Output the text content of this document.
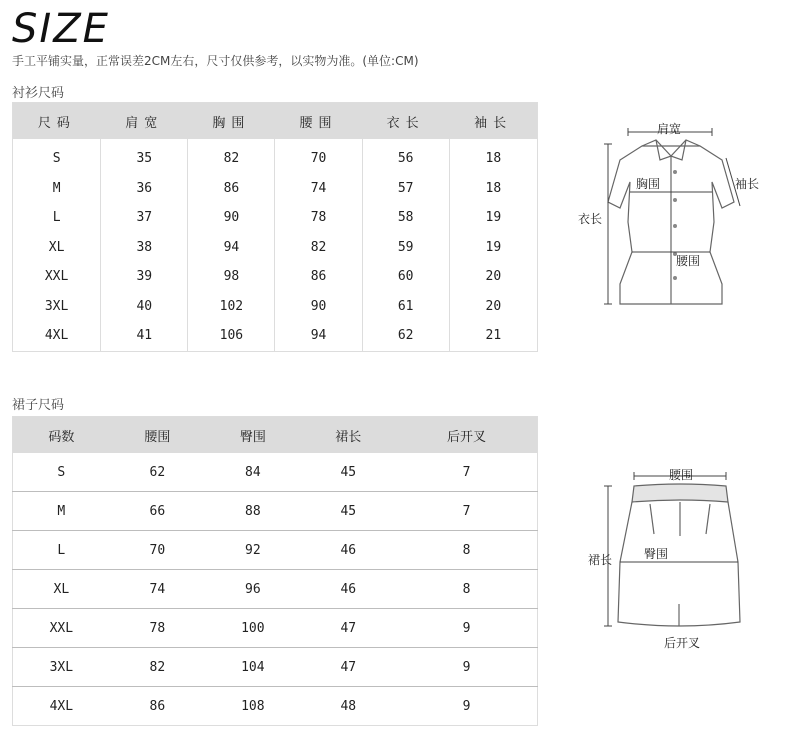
SIZE
手工平铺实量，正常误差2CM左右，尺寸仅供参考，以实物为准。(单位:CM)
衬衫尺码
尺码	肩宽	胸围	腰围	衣长	袖长
S	35	82	70	56	18
M	36	86	74	57	18
L	37	90	78	58	19
XL	38	94	82	59	19
XXL	39	98	86	60	20
3XL	40	102	90	61	20
4XL	41	106	94	62	21
肩宽
胸围	袖长
衣长
腰围
裙子尺码
码数	腰围	臀围	裙长	后开叉
S	62	84	45	7
M	66	88	45	7
L	70	92	46	8
XL	74	96	46	8
XXL	78	100	47	9
3XL	82	104	47	9
4XL	86	108	48	9
腰围
臀围
裙长
后开叉
